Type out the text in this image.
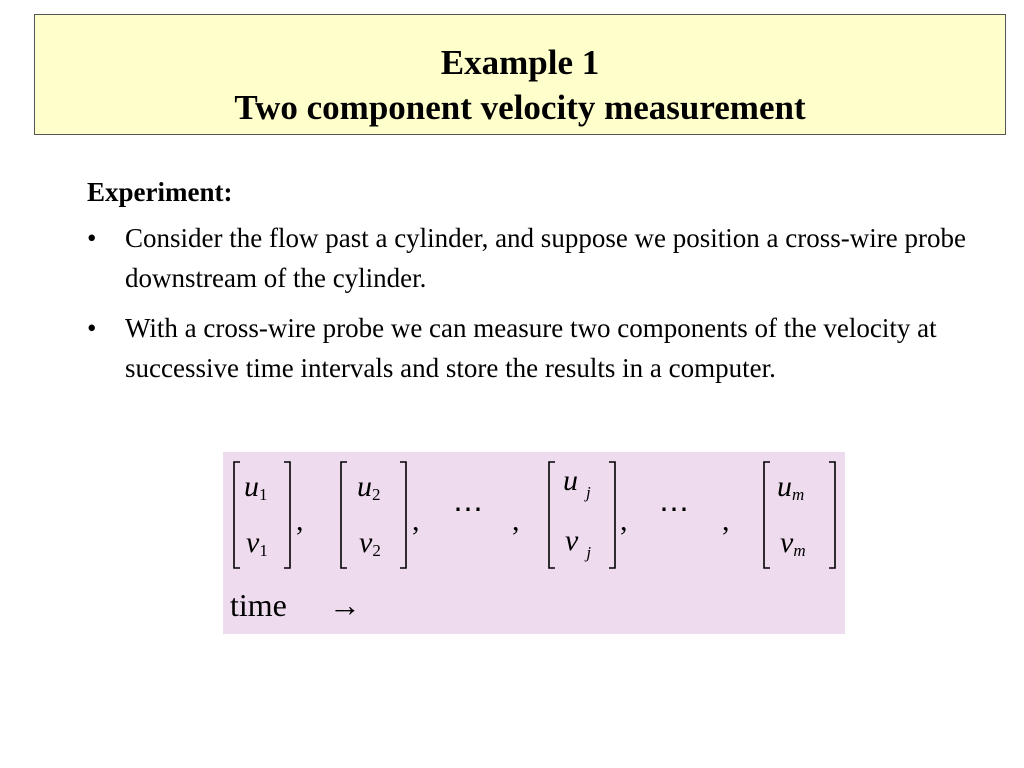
Example 1
Two component velocity measurement
Experiment:
• Consider the flow past a cylinder, and suppose we position a cross-wire probe downstream of the cylinder.
• With a cross-wire probe we can measure two components of the velocity at successive time intervals and store the results in a computer.
u1
v1
,
u2
v2
, ⋯ ,
uj
vj
, ⋯ ,
um
vm
time →
